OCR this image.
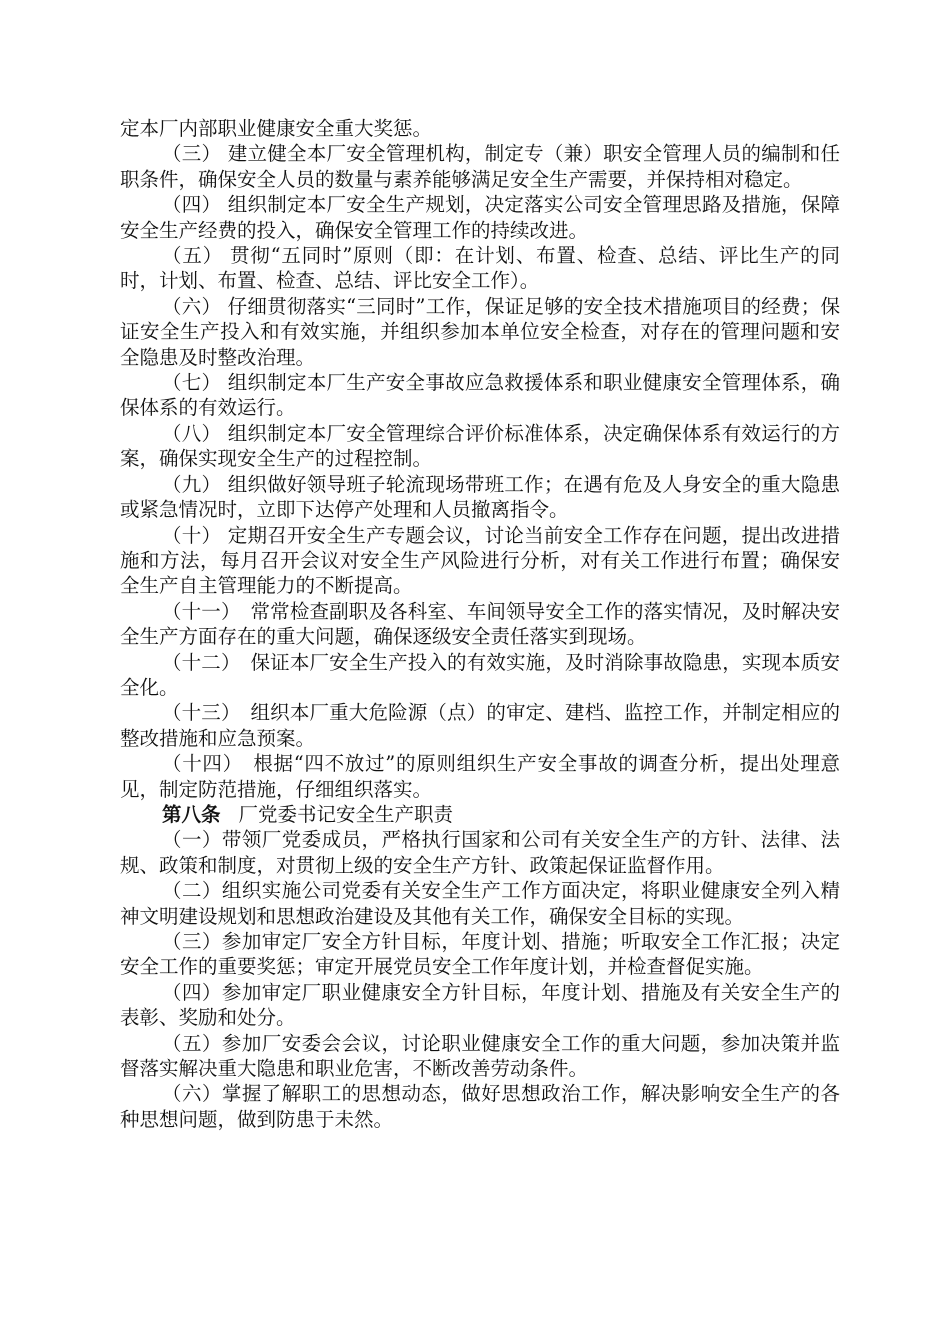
定本厂内部职业健康安全重大奖惩。

（三） 建立健全本厂安全管理机构，制定专（兼）职安全管理人员的编制和任职条件，确保安全人员的数量与素养能够满足安全生产需要，并保持相对稳定。

（四） 组织制定本厂安全生产规划，决定落实公司安全管理思路及措施，保障安全生产经费的投入，确保安全管理工作的持续改进。

（五） 贯彻“五同时”原则（即：在计划、布置、检查、总结、评比生产的同时，计划、布置、检查、总结、评比安全工作）。

（六） 仔细贯彻落实“三同时”工作，保证足够的安全技术措施项目的经费；保证安全生产投入和有效实施，并组织参加本单位安全检查，对存在的管理问题和安全隐患及时整改治理。

（七） 组织制定本厂生产安全事故应急救援体系和职业健康安全管理体系，确保体系的有效运行。

（八） 组织制定本厂安全管理综合评价标准体系，决定确保体系有效运行的方案，确保实现安全生产的过程控制。

（九） 组织做好领导班子轮流现场带班工作；在遇有危及人身安全的重大隐患或紧急情况时，立即下达停产处理和人员撤离指令。

（十） 定期召开安全生产专题会议，讨论当前安全工作存在问题，提出改进措施和方法，每月召开会议对安全生产风险进行分析，对有关工作进行布置；确保安全生产自主管理能力的不断提高。

（十一）　常常检查副职及各科室、车间领导安全工作的落实情况，及时解决安全生产方面存在的重大问题，确保逐级安全责任落实到现场。

（十二）　保证本厂安全生产投入的有效实施，及时消除事故隐患，实现本质安全化。

（十三）　组织本厂重大危险源（点）的审定、建档、监控工作，并制定相应的整改措施和应急预案。

（十四）　根据“四不放过”的原则组织生产安全事故的调查分析，提出处理意见，制定防范措施，仔细组织落实。

第八条 厂党委书记安全生产职责

（一）带领厂党委成员，严格执行国家和公司有关安全生产的方针、法律、法规、政策和制度，对贯彻上级的安全生产方针、政策起保证监督作用。

（二）组织实施公司党委有关安全生产工作方面决定，将职业健康安全列入精神文明建设规划和思想政治建设及其他有关工作，确保安全目标的实现。

（三）参加审定厂安全方针目标，年度计划、措施；听取安全工作汇报；决定安全工作的重要奖惩；审定开展党员安全工作年度计划，并检查督促实施。

（四）参加审定厂职业健康安全方针目标，年度计划、措施及有关安全生产的表彰、奖励和处分。

（五）参加厂安委会会议，讨论职业健康安全工作的重大问题，参加决策并监督落实解决重大隐患和职业危害，不断改善劳动条件。

（六）掌握了解职工的思想动态，做好思想政治工作，解决影响安全生产的各种思想问题，做到防患于未然。
